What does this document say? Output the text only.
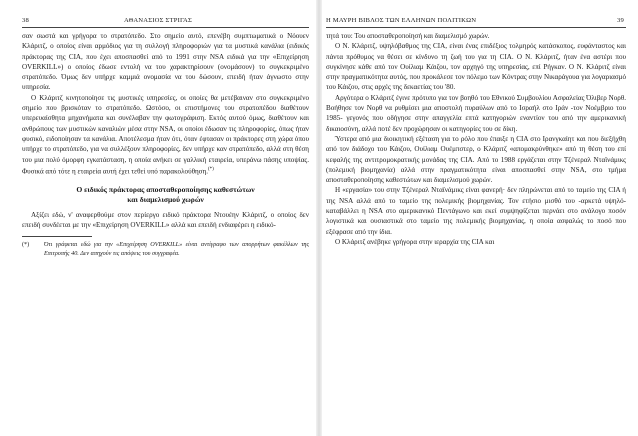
38	ΑΘΑΝΑΣΙΟΣ ΣΤΡΙΓΑΣ

σαν σωστά και γρήγορα το στρατόπεδο. Στο σημείο αυτό, επενέβη συμπτωματικά ο Νόουεν Κλάριτζ, ο οποίος είναι αρμόδιος για τη συλλογή πληροφοριών για τα μυστικά κανάλια (ειδικός πράκτορας της CIA, που έχει αποσπασθεί από το 1991 στην NSA ειδικά για την «Επιχείρηση OVERKILL») ο οποίος έδωσε εντολή να του χαρακτηρίσουν (ονομάσουν) το συγκεκριμένο στρατόπεδο. Όμως δεν υπήρχε καμμιά ονομασία να του δώσουν, επειδή ήταν άγνωστο στην υπηρεσία.

Ο Κλάριτζ κινητοποίησε τις μυστικές υπηρεσίες, οι οποίες θα μετέβαιναν στο συγκεκριμένο σημείο που βρισκόταν το στρατόπεδο. Ωστόσο, οι επιστήμονες του στρατοπέδου διαθέτουν υπερευαίσθητα μηχανήματα και συνέλαβαν την φωτογράφιση. Εκτός αυτού όμως, διαθέτουν και ανθρώπους των μυστικών καναλιών μέσα στην NSA, οι οποίοι έδωσαν τις πληροφορίες, όπως ήταν φυσικό, ειδοποίησαν τα κανάλια. Αποτέλεσμα ήταν ότι, όταν έφτασαν οι πράκτορες στη χώρα όπου υπήρχε το στρατόπεδο, για να συλλέξουν πληροφορίες, δεν υπήρχε καν στρατόπεδο, αλλά στη θέση του μια πολύ όμορφη εγκατάσταση, η οποία ανήκει σε γαλλική εταιρεία, υπεράνω πάσης υποψίας. Φυσικά από τότε η εταιρεία αυτή έχει τεθεί υπό παρακολούθηση.(*)

Ο ειδικός πράκτορας αποσταθεροποίησης καθεστώτων
και διαμελισμού χωρών

Αξίζει εδώ, ν' αναφερθούμε στον περίεργο ειδικό πράκτορα Ντουέην Κλάριτζ, ο οποίος δεν επειδή συνδέεται με την «Επιχείρηση OVERKILL» αλλά και επειδή ενδιαφέρει η ειδικό-

(*)	Ότι γράφεται εδώ για την «Επιχείρηση OVERKILL» είναι αντίγραφο των απορρήτων φακέλλων της Επιτροπής 40. Δεν απηχούν τις απόψεις του συγγραφέα.
Η ΜΑΥΡΗ ΒΙΒΛΟΣ ΤΩΝ ΕΛΛΗΝΩΝ ΠΟΛΙΤΙΚΩΝ	39

τητά του: Του αποσταθεροποίησή και διαμελισμό χωρών.

Ο Ν. Κλάριτζ, υψηλόβαθμος της CIA, είναι ένας επιδέξιος τολμηρός κατάσκοπος, ευφάνταστος και πάντα πρόθυμος να θέσει σε κίνδυνο τη ζωή του για τη CIA. Ο Ν. Κλάριτζ, ήταν ένα αστέρι που συγκίνησε κάθε από τον Ουίλιαμ Κάιζου, τον αρχηγό της υπηρεσίας, επί Ρήγκαν. Ο Ν. Κλάριτζ είναι στην πραγματικότητα αυτός, που προκάλεσε τον πόλεμο των Κόντρας στην Νικαράγουα για λογαριασμό του Κάιζου, στις αρχές της δεκαετίας του '80.

Αργότερα ο Κλάριτζ έγινε πρότυπο για τον βοηθό του Εθνικού Συμβουλίου Ασφαλείας Όλιβερ Νορθ. Βοήθησε τον Νορθ να ρυθμίσει μια αποστολή πυραύλων από το Ισραήλ στο Ιράν -τον Νοέμβριο του 1985- γεγονός που οδήγησε στην απαγγελία επτά κατηγοριών εναντίον του από την αμερικανική δικαιοσύνη, αλλά ποτέ δεν προχώρησαν οι κατηγορίες του σε δίκη.

Ύστερα από μια διοικητική εξέταση για το ρόλο που έπαιξε η CIA στο Ιρανγκαίητ και που διεξήχθη από τον διάδοχο του Κάιζου, Ουίλιαμ Ουέμπστερ, ο Κλάριτζ «απομακρύνθηκε» από τη θέση του επί κεφαλής της αντιτρομοκρατικής μονάδας της CIA. Από το 1988 εργάζεται στην Τζένεραλ Νταϊνάμικς (πολεμική βιομηχανία) αλλά στην πραγματικότητα είναι αποσπασθεί στην NSA, στο τμήμα αποσταθεροποίησης καθεστώτων και διαμελισμού χωρών.

Η «εργασία» του στην Τζένεραλ Νταϊνάμικς είναι φανερή· δεν πληρώνεται από το ταμείο της CIA ή της NSA αλλά από το ταμείο της πολεμικής βιομηχανίας. Τον ετήσιο μισθό του -αρκετά υψηλό- καταβάλλει η NSA στο αμερικανικό Πεντάγωνο και εκεί συμψηφίζεται περνάει στο ανάλογο ποσόν λογιστικά και ουσιαστικά στο ταμείο της πολεμικής βιομηχανίας, η οποία ασφαλώς το ποσό που εξέφρασε από την ίδια.

Ο Κλάριτζ ανέβηκε γρήγορα στην ιεραρχία της CIA και
